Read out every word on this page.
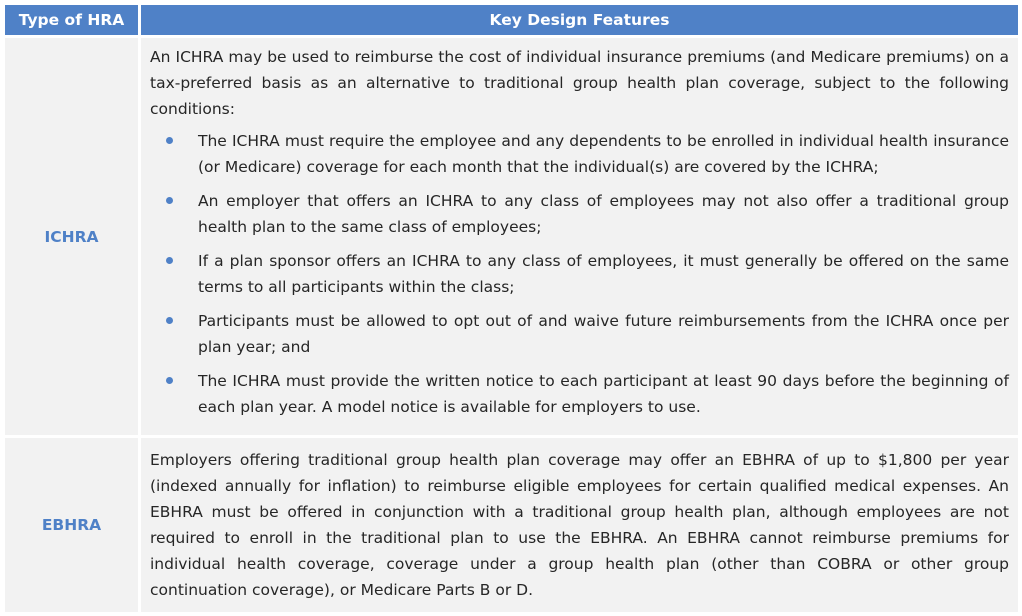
Type of HRA	Key Design Features
ICHRA

An ICHRA may be used to reimburse the cost of individual insurance premiums (and Medicare premiums) on a tax-preferred basis as an alternative to traditional group health plan coverage, subject to the following conditions:

The ICHRA must require the employee and any dependents to be enrolled in individual health insurance (or Medicare) coverage for each month that the individual(s) are covered by the ICHRA;
An employer that offers an ICHRA to any class of employees may not also offer a traditional group health plan to the same class of employees;
If a plan sponsor offers an ICHRA to any class of employees, it must generally be offered on the same terms to all participants within the class;
Participants must be allowed to opt out of and waive future reimbursements from the ICHRA once per plan year; and
The ICHRA must provide the written notice to each participant at least 90 days before the beginning of each plan year. A model notice is available for employers to use.
EBHRA

Employers offering traditional group health plan coverage may offer an EBHRA of up to $1,800 per year (indexed annually for inflation) to reimburse eligible employees for certain qualified medical expenses. An EBHRA must be offered in conjunction with a traditional group health plan, although employees are not required to enroll in the traditional plan to use the EBHRA. An EBHRA cannot reimburse premiums for individual health coverage, coverage under a group health plan (other than COBRA or other group continuation coverage), or Medicare Parts B or D.
